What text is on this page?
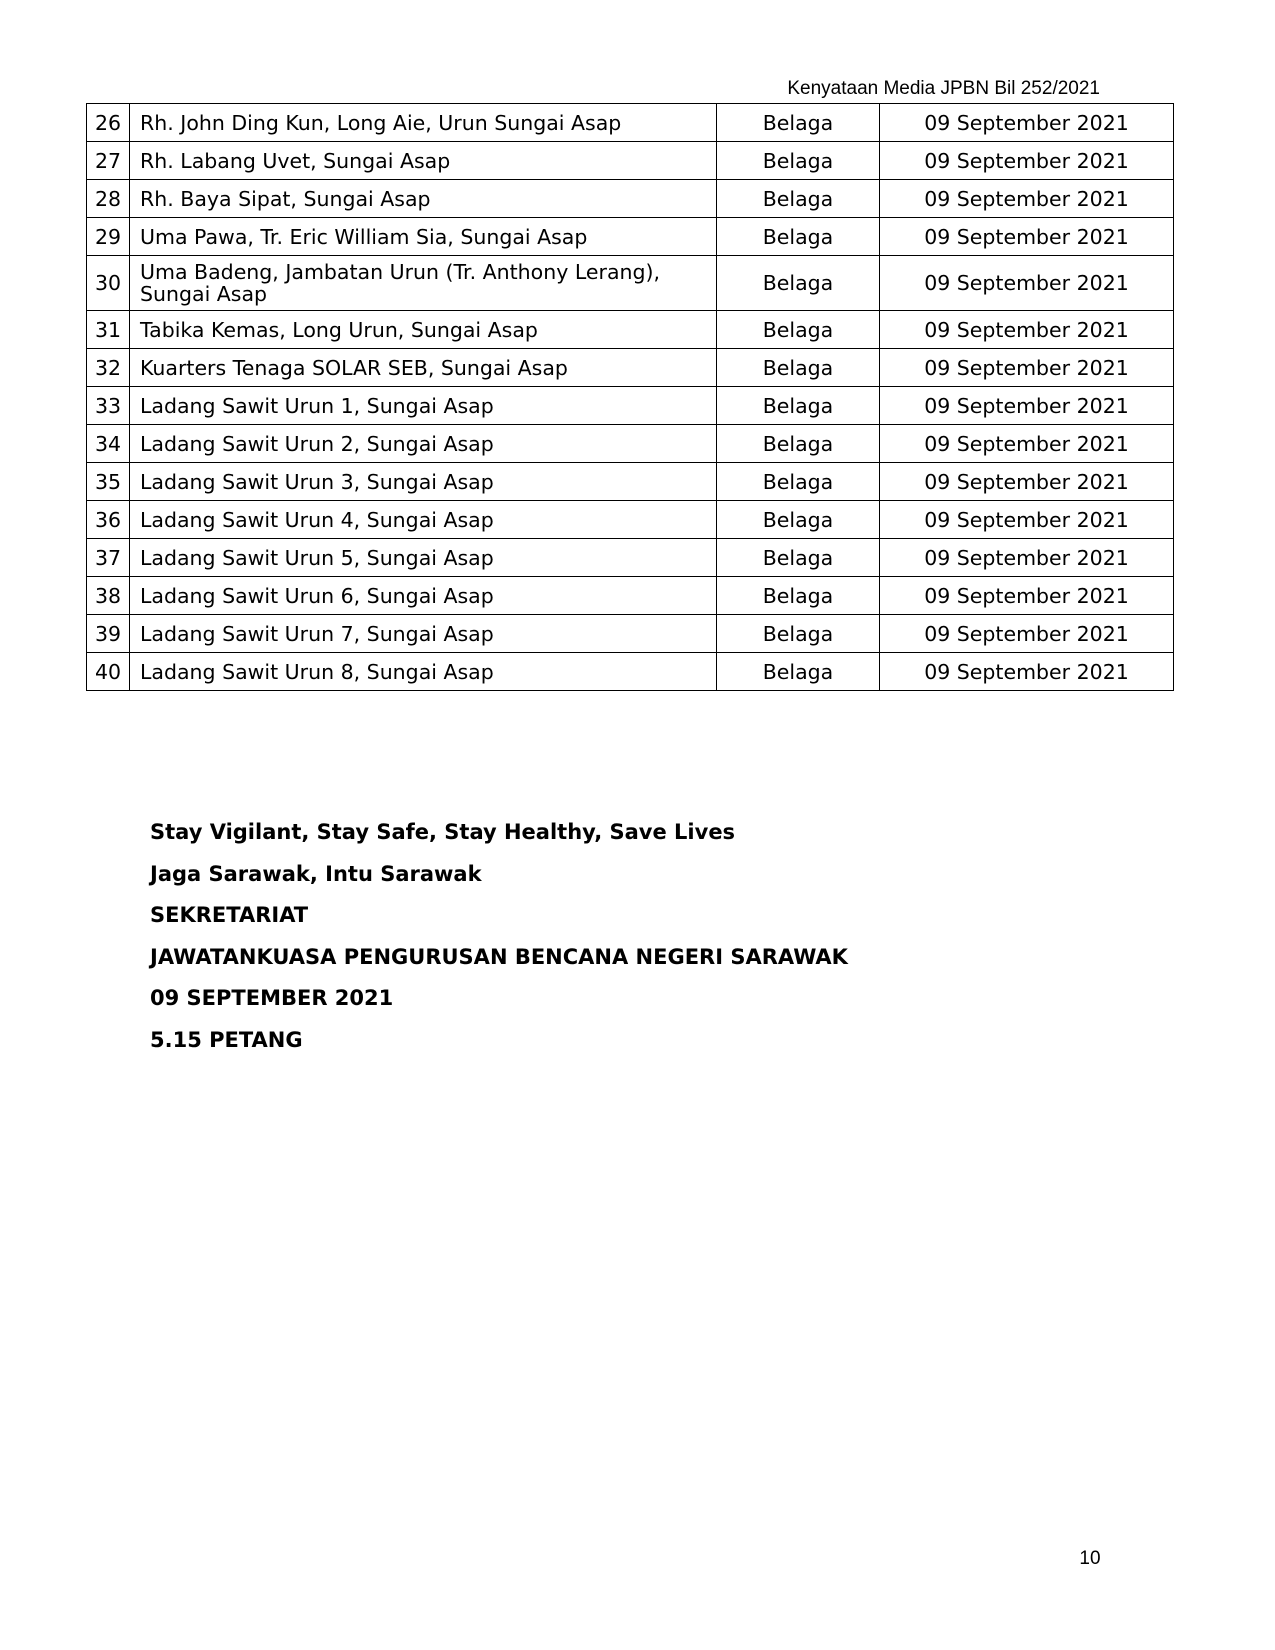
Kenyataan Media JPBN Bil 252/2021
26	Rh. John Ding Kun, Long Aie, Urun Sungai Asap	Belaga	09 September 2021
27	Rh. Labang Uvet, Sungai Asap	Belaga	09 September 2021
28	Rh. Baya Sipat, Sungai Asap	Belaga	09 September 2021
29	Uma Pawa, Tr. Eric William Sia, Sungai Asap	Belaga	09 September 2021
30	Uma Badeng, Jambatan Urun (Tr. Anthony Lerang), Sungai Asap	Belaga	09 September 2021
31	Tabika Kemas, Long Urun, Sungai Asap	Belaga	09 September 2021
32	Kuarters Tenaga SOLAR SEB, Sungai Asap	Belaga	09 September 2021
33	Ladang Sawit Urun 1, Sungai Asap	Belaga	09 September 2021
34	Ladang Sawit Urun 2, Sungai Asap	Belaga	09 September 2021
35	Ladang Sawit Urun 3, Sungai Asap	Belaga	09 September 2021
36	Ladang Sawit Urun 4, Sungai Asap	Belaga	09 September 2021
37	Ladang Sawit Urun 5, Sungai Asap	Belaga	09 September 2021
38	Ladang Sawit Urun 6, Sungai Asap	Belaga	09 September 2021
39	Ladang Sawit Urun 7, Sungai Asap	Belaga	09 September 2021
40	Ladang Sawit Urun 8, Sungai Asap	Belaga	09 September 2021
Stay Vigilant, Stay Safe, Stay Healthy, Save Lives
Jaga Sarawak, Intu Sarawak
SEKRETARIAT
JAWATANKUASA PENGURUSAN BENCANA NEGERI SARAWAK
09 SEPTEMBER 2021
5.15 PETANG
10
